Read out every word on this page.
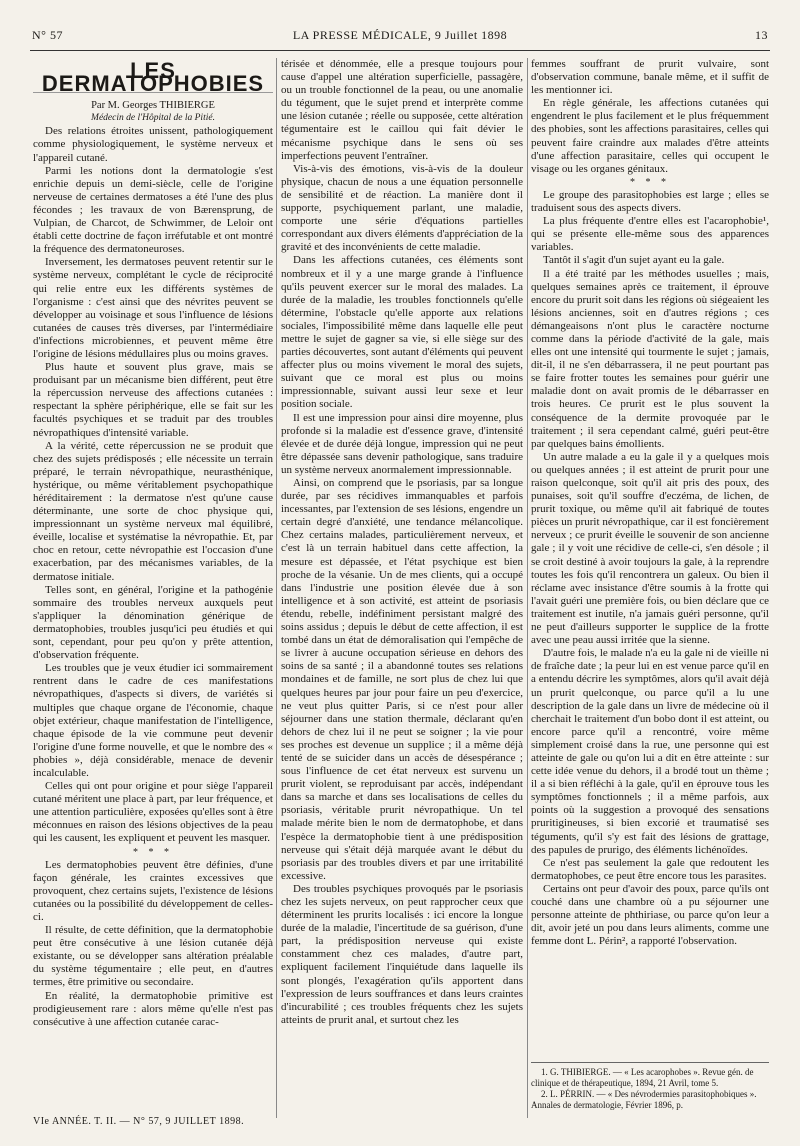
N° 57	LA PRESSE MÉDICALE, 9 Juillet 1898	13
LES DERMATOPHOBIES

Par M. Georges THIBIERGE

Médecin de l'Hôpital de la Pitié.

Des relations étroites unissent, pathologiquement comme physiologiquement, le système nerveux et l'appareil cutané.

Parmi les notions dont la dermatologie s'est enrichie depuis un demi-siècle, celle de l'origine nerveuse de certaines dermatoses a été l'une des plus fécondes ; les travaux de von Bærensprung, de Vulpian, de Charcot, de Schwimmer, de Leloir ont établi cette doctrine de façon irréfutable et ont montré la fréquence des dermatoneuroses.

Inversement, les dermatoses peuvent retentir sur le système nerveux, complétant le cycle de réciprocité qui relie entre eux les différents systèmes de l'organisme : c'est ainsi que des névrites peuvent se développer au voisinage et sous l'influence de lésions cutanées de causes très diverses, par l'intermédiaire d'infections microbiennes, et peuvent même être l'origine de lésions médullaires plus ou moins graves.

Plus haute et souvent plus grave, mais se produisant par un mécanisme bien différent, peut être la répercussion nerveuse des affections cutanées : respectant la sphère périphérique, elle se fait sur les facultés psychiques et se traduit par des troubles névropathiques d'intensité variable.

A la vérité, cette répercussion ne se produit que chez des sujets prédisposés ; elle nécessite un terrain préparé, le terrain névropathique, neurasthénique, hystérique, ou même véritablement psychopathique héréditairement : la dermatose n'est qu'une cause déterminante, une sorte de choc physique qui, impressionnant un système nerveux mal équilibré, éveille, localise et systématise la névropathie. Et, par choc en retour, cette névropathie est l'occasion d'une exacerbation, par des mécanismes variables, de la dermatose initiale.

Telles sont, en général, l'origine et la pathogénie sommaire des troubles nerveux auxquels peut s'appliquer la dénomination générique de dermatophobies, troubles jusqu'ici peu étudiés et qui sont, cependant, pour peu qu'on y prête attention, d'observation fréquente.

Les troubles que je veux étudier ici sommairement rentrent dans le cadre de ces manifestations névropathiques, d'aspects si divers, de variétés si multiples que chaque organe de l'économie, chaque objet extérieur, chaque manifestation de l'intelligence, chaque épisode de la vie commune peut devenir l'origine d'une forme nouvelle, et que le nombre des « phobies », déjà considérable, menace de devenir incalculable.

Celles qui ont pour origine et pour siège l'appareil cutané méritent une place à part, par leur fréquence, et une attention particulière, exposées qu'elles sont à être méconnues en raison des lésions objectives de la peau qui les causent, les expliquent et peuvent les masquer.

* * *

Les dermatophobies peuvent être définies, d'une façon générale, les craintes excessives que provoquent, chez certains sujets, l'existence de lésions cutanées ou la possibilité du développement de celles-ci.

Il résulte, de cette définition, que la dermatophobie peut être consécutive à une lésion cutanée déjà existante, ou se développer sans altération préalable du système tégumentaire ; elle peut, en d'autres termes, être primitive ou secondaire.

En réalité, la dermatophobie primitive est prodigieusement rare : alors même qu'elle n'est pas consécutive à une affection cutanée carac-

térisée et dénommée, elle a presque toujours pour cause d'appel une altération superficielle, passagère, ou un trouble fonctionnel de la peau, ou une anomalie du tégument, que le sujet prend et interprète comme une lésion cutanée ; réelle ou supposée, cette altération tégumentaire est le caillou qui fait dévier le mécanisme psychique dans le sens où ses imperfections peuvent l'entraîner.

Vis-à-vis des émotions, vis-à-vis de la douleur physique, chacun de nous a une équation personnelle de sensibilité et de réaction. La manière dont il supporte, psychiquement parlant, une maladie, comporte une série d'équations partielles correspondant aux divers éléments d'appréciation de la gravité et des inconvénients de cette maladie.

Dans les affections cutanées, ces éléments sont nombreux et il y a une marge grande à l'influence qu'ils peuvent exercer sur le moral des malades. La durée de la maladie, les troubles fonctionnels qu'elle détermine, l'obstacle qu'elle apporte aux relations sociales, l'impossibilité même dans laquelle elle peut mettre le sujet de gagner sa vie, si elle siège sur des parties découvertes, sont autant d'éléments qui peuvent affecter plus ou moins vivement le moral des sujets, suivant que ce moral est plus ou moins impressionnable, suivant aussi leur sexe et leur position sociale.

Il est une impression pour ainsi dire moyenne, plus profonde si la maladie est d'essence grave, d'intensité élevée et de durée déjà longue, impression qui ne peut être dépassée sans devenir pathologique, sans traduire un système nerveux anormalement impressionnable.

Ainsi, on comprend que le psoriasis, par sa longue durée, par ses récidives immanquables et parfois incessantes, par l'extension de ses lésions, engendre un certain degré d'anxiété, une tendance mélancolique. Chez certains malades, particulièrement nerveux, et c'est là un terrain habituel dans cette affection, la mesure est dépassée, et l'état psychique est bien proche de la vésanie. Un de mes clients, qui a occupé dans l'industrie une position élevée due à son intelligence et à son activité, est atteint de psoriasis étendu, rebelle, indéfiniment persistant malgré des soins assidus ; depuis le début de cette affection, il est tombé dans un état de démoralisation qui l'empêche de se livrer à aucune occupation sérieuse en dehors des soins de sa santé ; il a abandonné toutes ses relations mondaines et de famille, ne sort plus de chez lui que quelques heures par jour pour faire un peu d'exercice, ne veut plus quitter Paris, si ce n'est pour aller séjourner dans une station thermale, déclarant qu'en dehors de chez lui il ne peut se soigner ; la vie pour ses proches est devenue un supplice ; il a même déjà tenté de se suicider dans un accès de désespérance ; sous l'influence de cet état nerveux est survenu un prurit violent, se reproduisant par accès, indépendant dans sa marche et dans ses localisations de celles du psoriasis, véritable prurit névropathique. Un tel malade mérite bien le nom de dermatophobe, et dans l'espèce la dermatophobie tient à une prédisposition nerveuse qui s'était déjà marquée avant le début du psoriasis par des troubles divers et par une irritabilité excessive.

Des troubles psychiques provoqués par le psoriasis chez les sujets nerveux, on peut rapprocher ceux que déterminent les prurits localisés : ici encore la longue durée de la maladie, l'incertitude de sa guérison, d'une part, la prédisposition nerveuse qui existe constamment chez ces malades, d'autre part, expliquent facilement l'inquiétude dans laquelle ils sont plongés, l'exagération qu'ils apportent dans l'expression de leurs souffrances et dans leurs craintes d'incurabilité ; ces troubles fréquents chez les sujets atteints de prurit anal, et surtout chez les

femmes souffrant de prurit vulvaire, sont d'observation commune, banale même, et il suffit de les mentionner ici.

En règle générale, les affections cutanées qui engendrent le plus facilement et le plus fréquemment des phobies, sont les affections parasitaires, celles qui peuvent faire craindre aux malades d'être atteints d'une affection parasitaire, celles qui occupent le visage ou les organes génitaux.

* * *

Le groupe des parasitophobies est large ; elles se traduisent sous des aspects divers.

La plus fréquente d'entre elles est l'acarophobie¹, qui se présente elle-même sous des apparences variables.

Tantôt il s'agit d'un sujet ayant eu la gale.

Il a été traité par les méthodes usuelles ; mais, quelques semaines après ce traitement, il éprouve encore du prurit soit dans les régions où siégeaient les lésions anciennes, soit en d'autres régions ; ces démangeaisons n'ont plus le caractère nocturne comme dans la période d'activité de la gale, mais elles ont une intensité qui tourmente le sujet ; jamais, dit-il, il ne s'en débarrassera, il ne peut pourtant pas se faire frotter toutes les semaines pour guérir une maladie dont on avait promis de le débarrasser en trois heures. Ce prurit est le plus souvent la conséquence de la dermite provoquée par le traitement ; il sera cependant calmé, guéri peut-être par quelques bains émollients.

Un autre malade a eu la gale il y a quelques mois ou quelques années ; il est atteint de prurit pour une raison quelconque, soit qu'il ait pris des poux, des punaises, soit qu'il souffre d'eczéma, de lichen, de prurit toxique, ou même qu'il ait fabriqué de toutes pièces un prurit névropathique, car il est foncièrement nerveux ; ce prurit éveille le souvenir de son ancienne gale ; il y voit une récidive de celle-ci, s'en désole ; il se croit destiné à avoir toujours la gale, à la reprendre toutes les fois qu'il rencontrera un galeux. Ou bien il réclame avec insistance d'être soumis à la frotte qui l'avait guéri une première fois, ou bien déclare que ce traitement est inutile, n'a jamais guéri personne, qu'il ne peut d'ailleurs supporter le supplice de la frotte avec une peau aussi irritée que la sienne.

D'autre fois, le malade n'a eu la gale ni de vieille ni de fraîche date ; la peur lui en est venue parce qu'il en a entendu décrire les symptômes, alors qu'il avait déjà un prurit quelconque, ou parce qu'il a lu une description de la gale dans un livre de médecine où il cherchait le traitement d'un bobo dont il est atteint, ou encore parce qu'il a rencontré, voire même simplement croisé dans la rue, une personne qui est atteinte de gale ou qu'on lui a dit en être atteinte : sur cette idée venue du dehors, il a brodé tout un thème ; il a si bien réfléchi à la gale, qu'il en éprouve tous les symptômes fonctionnels ; il a même parfois, aux points où la suggestion a provoqué des sensations pruritigineuses, si bien excorié et traumatisé ses téguments, qu'il s'y est fait des lésions de grattage, des papules de prurigo, des éléments lichénoïdes.

Ce n'est pas seulement la gale que redoutent les dermatophobes, ce peut être encore tous les parasites.

Certains ont peur d'avoir des poux, parce qu'ils ont couché dans une chambre où a pu séjourner une personne atteinte de phthiriase, ou parce qu'on leur a dit, avoir jeté un pou dans leurs aliments, comme une femme dont L. Périn², a rapporté l'observation.

1. G. THIBIERGE. — « Les acarophobes ». Revue gén. de clinique et de thérapeutique, 1894, 21 Avril, tome 5.

2. L. PÉRRIN. — « Des névrodermies parasitophobiques ». Annales de dermatologie, Février 1896, p.

VIe ANNÉE. T. II. — N° 57, 9 JUILLET 1898.
